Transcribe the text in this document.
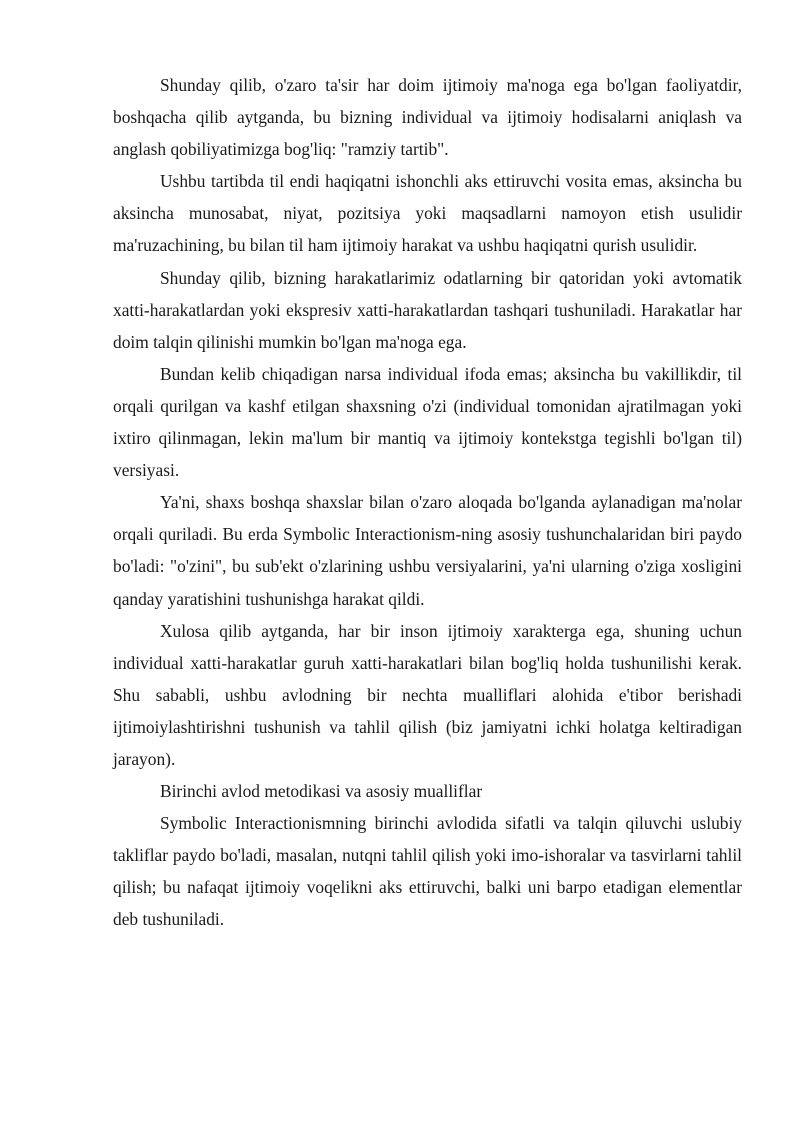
Shunday qilib, o'zaro ta'sir har doim ijtimoiy ma'noga ega bo'lgan faoliyatdir, boshqacha qilib aytganda, bu bizning individual va ijtimoiy hodisalarni aniqlash va anglash qobiliyatimizga bog'liq: "ramziy tartib".

Ushbu tartibda til endi haqiqatni ishonchli aks ettiruvchi vosita emas, aksincha bu aksincha munosabat, niyat, pozitsiya yoki maqsadlarni namoyon etish usulidir ma'ruzachining, bu bilan til ham ijtimoiy harakat va ushbu haqiqatni qurish usulidir.

Shunday qilib, bizning harakatlarimiz odatlarning bir qatoridan yoki avtomatik xatti-harakatlardan yoki ekspresiv xatti-harakatlardan tashqari tushuniladi. Harakatlar har doim talqin qilinishi mumkin bo'lgan ma'noga ega.

Bundan kelib chiqadigan narsa individual ifoda emas; aksincha bu vakillikdir, til orqali qurilgan va kashf etilgan shaxsning o'zi (individual tomonidan ajratilmagan yoki ixtiro qilinmagan, lekin ma'lum bir mantiq va ijtimoiy kontekstga tegishli bo'lgan til) versiyasi.

Ya'ni, shaxs boshqa shaxslar bilan o'zaro aloqada bo'lganda aylanadigan ma'nolar orqali quriladi. Bu erda Symbolic Interactionism-ning asosiy tushunchalaridan biri paydo bo'ladi: "o'zini", bu sub'ekt o'zlarining ushbu versiyalarini, ya'ni ularning o'ziga xosligini qanday yaratishini tushunishga harakat qildi.

Xulosa qilib aytganda, har bir inson ijtimoiy xarakterga ega, shuning uchun individual xatti-harakatlar guruh xatti-harakatlari bilan bog'liq holda tushunilishi kerak. Shu sababli, ushbu avlodning bir nechta mualliflari alohida e'tibor berishadi ijtimoiylashtirishni tushunish va tahlil qilish (biz jamiyatni ichki holatga keltiradigan jarayon).

Birinchi avlod metodikasi va asosiy mualliflar

Symbolic Interactionismning birinchi avlodida sifatli va talqin qiluvchi uslubiy takliflar paydo bo'ladi, masalan, nutqni tahlil qilish yoki imo-ishoralar va tasvirlarni tahlil qilish; bu nafaqat ijtimoiy voqelikni aks ettiruvchi, balki uni barpo etadigan elementlar deb tushuniladi.
